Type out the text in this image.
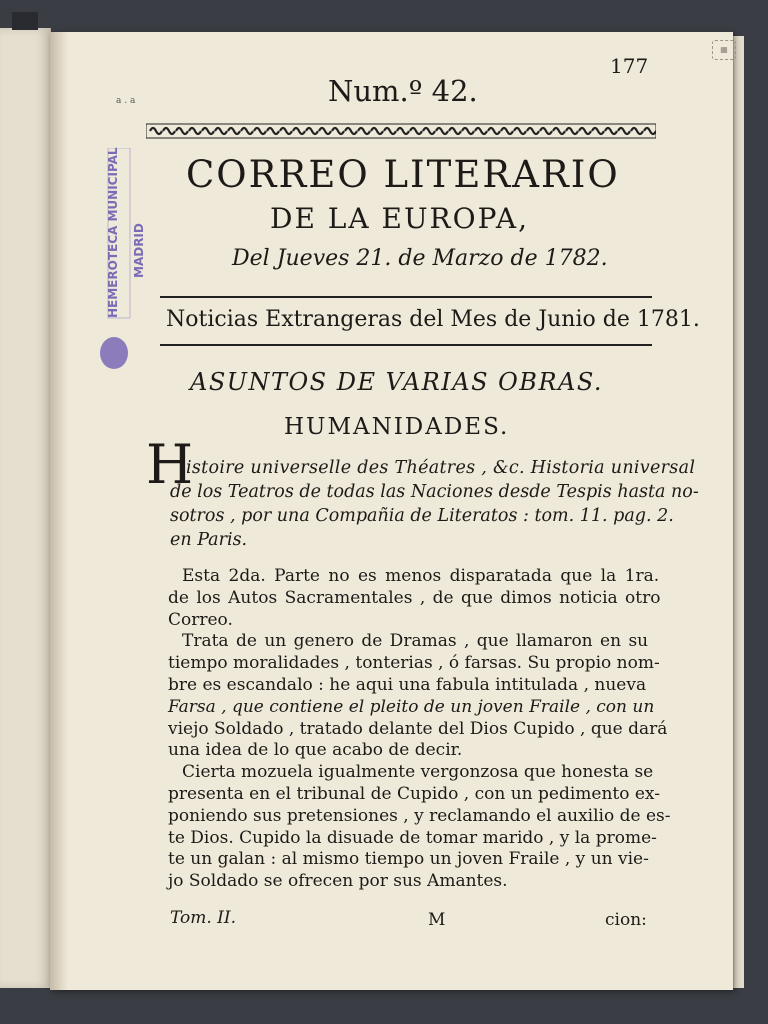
▦
177
a . a	Num.º 42.
HEMEROTECA MUNICIPAL MADRID
CORREO LITERARIO
DE LA EUROPA,
Del Jueves 21. de Marzo de 1782.
Noticias Extrangeras del Mes de Junio de 1781.
ASUNTOS DE VARIAS OBRAS.
HUMANIDADES.
H
istoire universelle des Théatres , &c. Historia universal
de los Teatros de todas las Naciones desde Tespis hasta no-
sotros , por una Compañia de Literatos : tom. 11. pag. 2.
en Paris.
Esta 2da. Parte no es menos disparatada que la 1ra.
de los Autos Sacramentales , de que dimos noticia otro
Correo.
Trata de un genero de Dramas , que llamaron en su
tiempo moralidades , tonterias , ó farsas. Su propio nom-
bre es escandalo : he aqui una fabula intitulada , nueva
Farsa , que contiene el pleito de un joven Fraile , con un
viejo Soldado , tratado delante del Dios Cupido , que dará
una idea de lo que acabo de decir.
Cierta mozuela igualmente vergonzosa que honesta se
presenta en el tribunal de Cupido , con un pedimento ex-
poniendo sus pretensiones , y reclamando el auxilio de es-
te Dios. Cupido la disuade de tomar marido , y la prome-
te un galan : al mismo tiempo un joven Fraile , y un vie-
jo Soldado se ofrecen por sus Amantes.
Tom. II.	M	cion:
